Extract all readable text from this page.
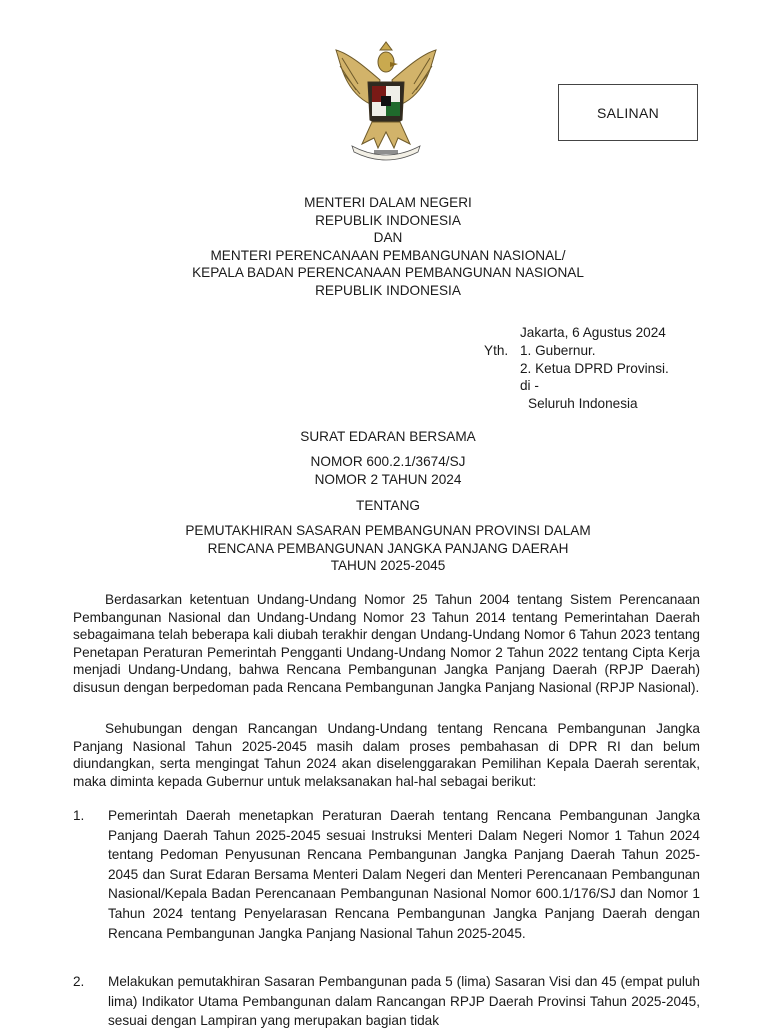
SALINAN
MENTERI DALAM NEGERI
REPUBLIK INDONESIA
DAN
MENTERI PERENCANAAN PEMBANGUNAN NASIONAL/
KEPALA BADAN PERENCANAAN PEMBANGUNAN NASIONAL
REPUBLIK INDONESIA
Jakarta, 6 Agustus 2024
Yth. 1. Gubernur.
2. Ketua DPRD Provinsi.
di -
Seluruh Indonesia
SURAT EDARAN BERSAMA
NOMOR 600.2.1/3674/SJ
NOMOR 2 TAHUN 2024
TENTANG
PEMUTAKHIRAN SASARAN PEMBANGUNAN PROVINSI DALAM
RENCANA PEMBANGUNAN JANGKA PANJANG DAERAH
TAHUN 2025-2045
Berdasarkan ketentuan Undang-Undang Nomor 25 Tahun 2004 tentang Sistem Perencanaan Pembangunan Nasional dan Undang-Undang Nomor 23 Tahun 2014 tentang Pemerintahan Daerah sebagaimana telah beberapa kali diubah terakhir dengan Undang-Undang Nomor 6 Tahun 2023 tentang Penetapan Peraturan Pemerintah Pengganti Undang-Undang Nomor 2 Tahun 2022 tentang Cipta Kerja menjadi Undang-Undang, bahwa Rencana Pembangunan Jangka Panjang Daerah (RPJP Daerah) disusun dengan berpedoman pada Rencana Pembangunan Jangka Panjang Nasional (RPJP Nasional).
Sehubungan dengan Rancangan Undang-Undang tentang Rencana Pembangunan Jangka Panjang Nasional Tahun 2025-2045 masih dalam proses pembahasan di DPR RI dan belum diundangkan, serta mengingat Tahun 2024 akan diselenggarakan Pemilihan Kepala Daerah serentak, maka diminta kepada Gubernur untuk melaksanakan hal-hal sebagai berikut:
1. Pemerintah Daerah menetapkan Peraturan Daerah tentang Rencana Pembangunan Jangka Panjang Daerah Tahun 2025-2045 sesuai Instruksi Menteri Dalam Negeri Nomor 1 Tahun 2024 tentang Pedoman Penyusunan Rencana Pembangunan Jangka Panjang Daerah Tahun 2025-2045 dan Surat Edaran Bersama Menteri Dalam Negeri dan Menteri Perencanaan Pembangunan Nasional/Kepala Badan Perencanaan Pembangunan Nasional Nomor 600.1/176/SJ dan Nomor 1 Tahun 2024 tentang Penyelarasan Rencana Pembangunan Jangka Panjang Daerah dengan Rencana Pembangunan Jangka Panjang Nasional Tahun 2025-2045.
2. Melakukan pemutakhiran Sasaran Pembangunan pada 5 (lima) Sasaran Visi dan 45 (empat puluh lima) Indikator Utama Pembangunan dalam Rancangan RPJP Daerah Provinsi Tahun 2025-2045, sesuai dengan Lampiran yang merupakan bagian tidak
